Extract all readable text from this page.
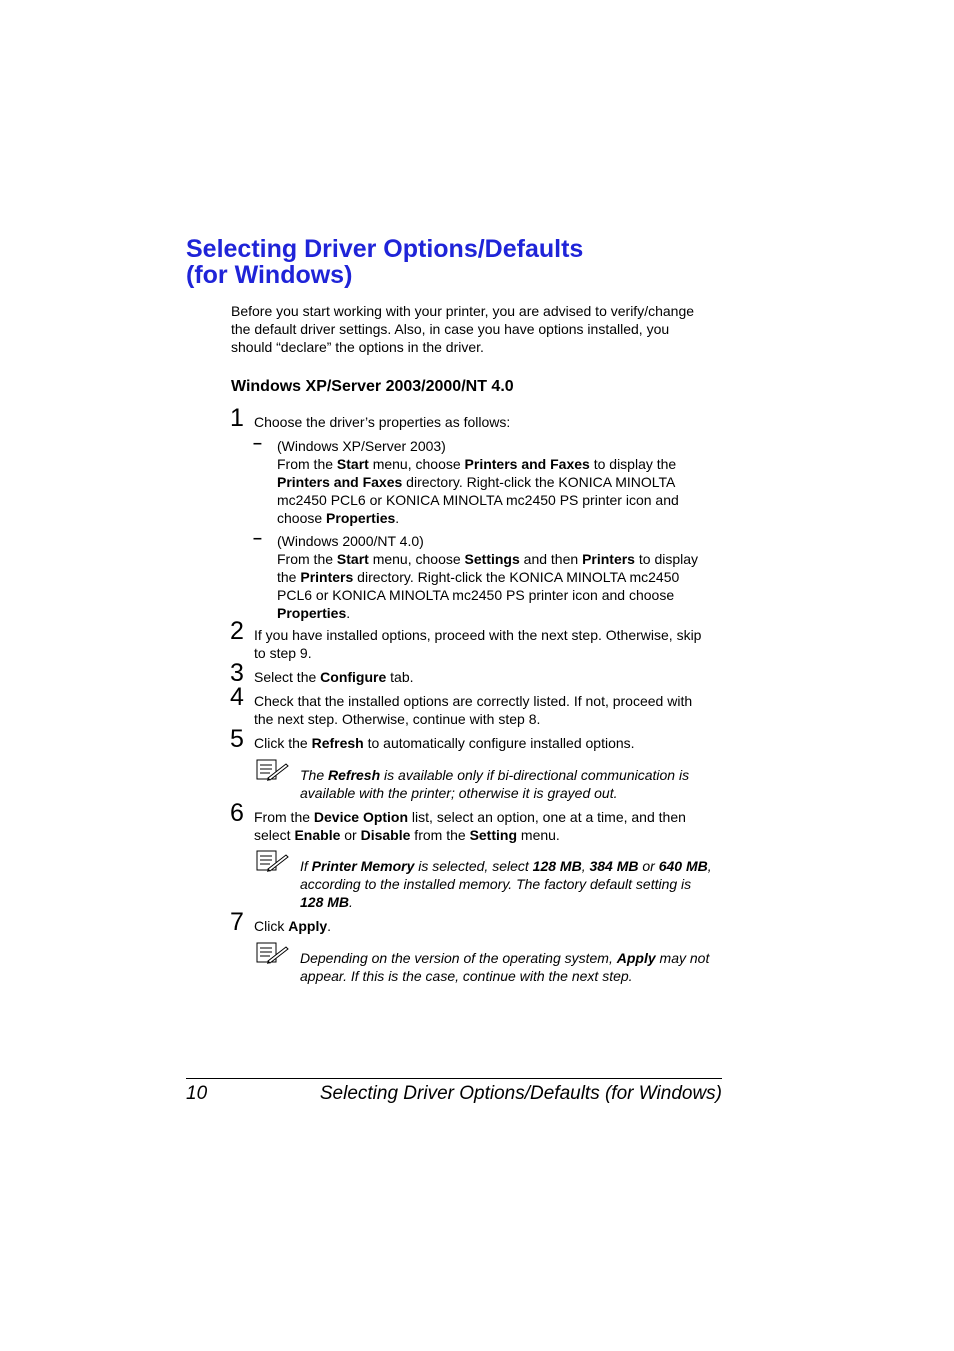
Selecting Driver Options/Defaults
(for Windows)

Before you start working with your printer, you are advised to verify/change
the default driver settings. Also, in case you have options installed, you
should “declare” the options in the driver.

Windows XP/Server 2003/2000/NT 4.0
1 Choose the driver’s properties as follows:
– (Windows XP/Server 2003)
From the Start menu, choose Printers and Faxes to display the
Printers and Faxes directory. Right-click the KONICA MINOLTA
mc2450 PCL6 or KONICA MINOLTA mc2450 PS printer icon and
choose Properties.
– (Windows 2000/NT 4.0)
From the Start menu, choose Settings and then Printers to display
the Printers directory. Right-click the KONICA MINOLTA mc2450
PCL6 or KONICA MINOLTA mc2450 PS printer icon and choose
Properties.
2 If you have installed options, proceed with the next step. Otherwise, skip
to step 9.
3 Select the Configure tab.
4 Check that the installed options are correctly listed. If not, proceed with
the next step. Otherwise, continue with step 8.
5 Click the Refresh to automatically configure installed options.
The Refresh is available only if bi-directional communication is
available with the printer; otherwise it is grayed out.
6 From the Device Option list, select an option, one at a time, and then
select Enable or Disable from the Setting menu.
If Printer Memory is selected, select 128 MB, 384 MB or 640 MB,
according to the installed memory. The factory default setting is
128 MB.
7 Click Apply.
Depending on the version of the operating system, Apply may not
appear. If this is the case, continue with the next step.
10	Selecting Driver Options/Defaults (for Windows)
